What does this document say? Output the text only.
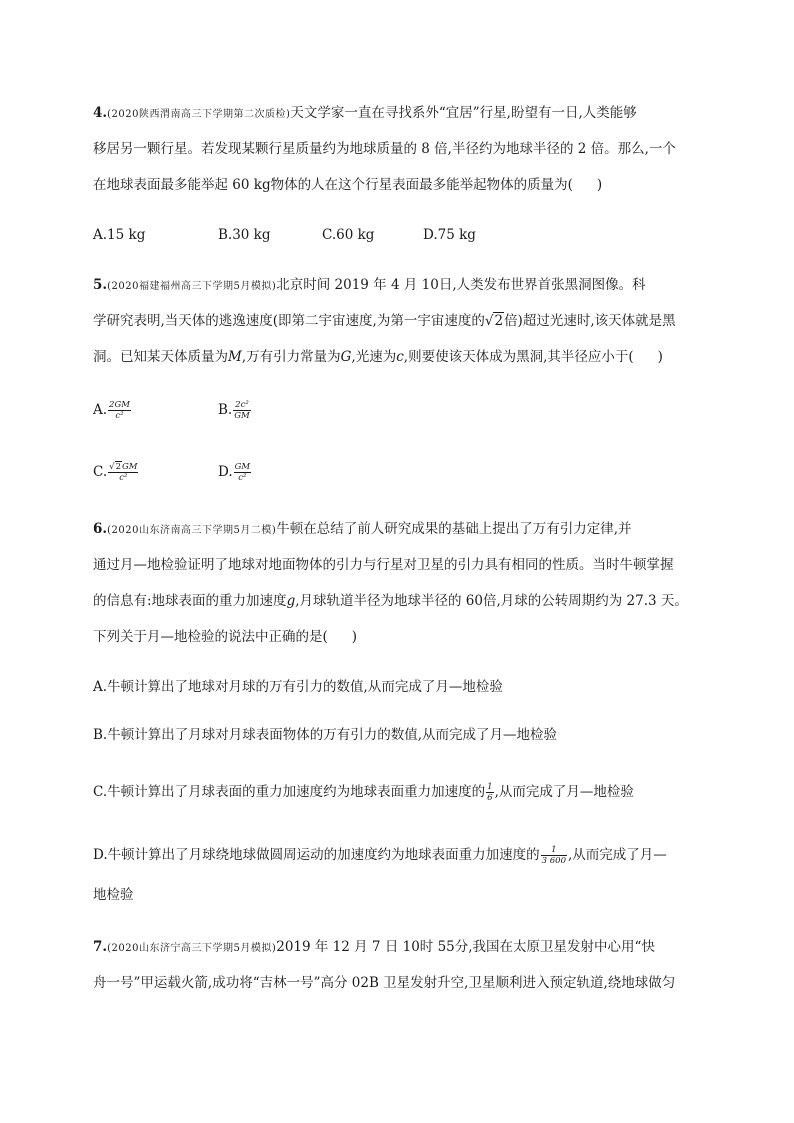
4.(2020陕西渭南高三下学期第二次质检)天文学家一直在寻找系外“宜居”行星,盼望有一日,人类能够
移居另一颗行星。若发现某颗行星质量约为地球质量的 8 倍,半径约为地球半径的 2 倍。那么,一个
在地球表面最多能举起 60 kg物体的人在这个行星表面最多能举起物体的质量为( )
A.15 kg	B.30 kg	C.60 kg	D.75 kg
5.(2020福建福州高三下学期5月模拟)北京时间 2019 年 4 月 10日,人类发布世界首张黑洞图像。科
学研究表明,当天体的逃逸速度(即第二宇宙速度,为第一宇宙速度的√2倍)超过光速时,该天体就是黑
洞。已知某天体质量为M,万有引力常量为G,光速为c,则要使该天体成为黑洞,其半径应小于( )
A. $\frac{2GM}{\text{c²}}$	B. $\frac{\text{2c²}}{GM}$
C. $\frac{√2GM}{\text{c²}}$	D. $\frac{GM}{\text{c²}}$
6.(2020山东济南高三下学期5月二模)牛顿在总结了前人研究成果的基础上提出了万有引力定律,并
通过月—地检验证明了地球对地面物体的引力与行星对卫星的引力具有相同的性质。当时牛顿掌握
的信息有:地球表面的重力加速度g,月球轨道半径为地球半径的 60倍,月球的公转周期约为 27.3 天。
下列关于月—地检验的说法中正确的是( )
A.牛顿计算出了地球对月球的万有引力的数值,从而完成了月—地检验
B.牛顿计算出了月球对月球表面物体的万有引力的数值,从而完成了月—地检验
C.牛顿计算出了月球表面的重力加速度约为地球表面重力加速度的 $\frac{1}{6}$ ,从而完成了月—地检验
D.牛顿计算出了月球绕地球做圆周运动的加速度约为地球表面重力加速度的 $\frac{1}{3 600}$ ,从而完成了月—
地检验
7.(2020山东济宁高三下学期5月模拟)2019 年 12 月 7 日 10时 55分,我国在太原卫星发射中心用“快
舟一号”甲运载火箭,成功将“吉林一号”高分 02B 卫星发射升空,卫星顺利进入预定轨道,绕地球做匀
